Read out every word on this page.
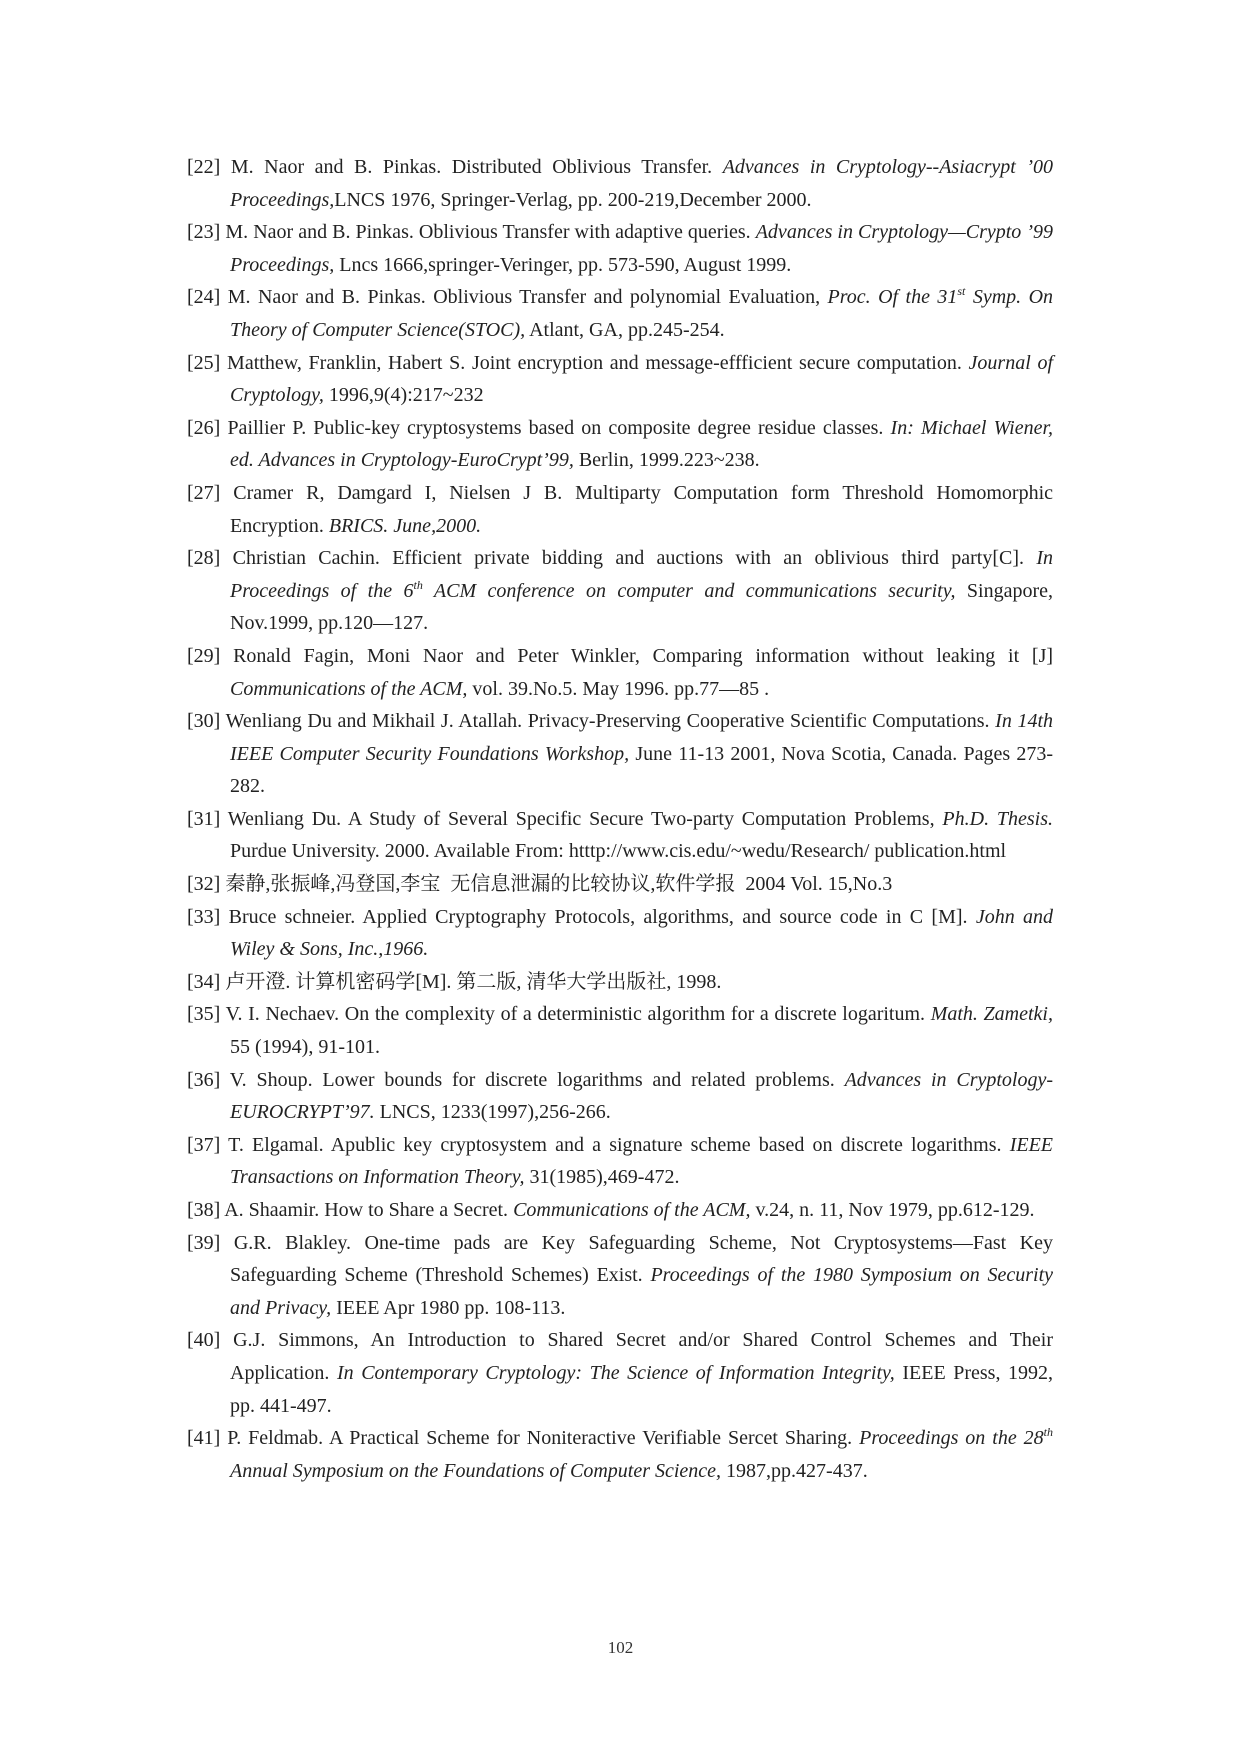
[22] M. Naor and B. Pinkas. Distributed Oblivious Transfer. Advances in Cryptology--Asiacrypt ’00 Proceedings,LNCS 1976, Springer-Verlag, pp. 200-219,December 2000.

[23] M. Naor and B. Pinkas. Oblivious Transfer with adaptive queries. Advances in Cryptology—Crypto ’99 Proceedings, Lncs 1666,springer-Veringer, pp. 573-590, August 1999.

[24] M. Naor and B. Pinkas. Oblivious Transfer and polynomial Evaluation, Proc. Of the 31st Symp. On Theory of Computer Science(STOC), Atlant, GA, pp.245-254.

[25] Matthew, Franklin, Habert S. Joint encryption and message-effficient secure computation. Journal of Cryptology, 1996,9(4):217~232

[26] Paillier P. Public-key cryptosystems based on composite degree residue classes. In: Michael Wiener, ed. Advances in Cryptology-EuroCrypt’99, Berlin, 1999.223~238.

[27] Cramer R, Damgard I, Nielsen J B. Multiparty Computation form Threshold Homomorphic Encryption. BRICS. June,2000.

[28] Christian Cachin. Efficient private bidding and auctions with an oblivious third party[C]. In Proceedings of the 6th ACM conference on computer and communications security, Singapore, Nov.1999, pp.120—127.

[29] Ronald Fagin, Moni Naor and Peter Winkler, Comparing information without leaking it [J] Communications of the ACM, vol. 39.No.5. May 1996. pp.77—85 .

[30] Wenliang Du and Mikhail J. Atallah. Privacy-Preserving Cooperative Scientific Computations. In 14th IEEE Computer Security Foundations Workshop, June 11-13 2001, Nova Scotia, Canada. Pages 273-282.

[31] Wenliang Du. A Study of Several Specific Secure Two-party Computation Problems, Ph.D. Thesis. Purdue University. 2000. Available From: htttp://www.cis.edu/~wedu/Research/ publication.html

[32] 秦静,张振峰,冯登国,李宝  无信息泄漏的比较协议,软件学报  2004 Vol. 15,No.3

[33] Bruce schneier. Applied Cryptography Protocols, algorithms, and source code in C [M]. John and Wiley & Sons, Inc.,1966.

[34] 卢开澄. 计算机密码学[M]. 第二版, 清华大学出版社, 1998.

[35] V. I. Nechaev. On the complexity of a deterministic algorithm for a discrete logaritum. Math. Zametki, 55 (1994), 91-101.

[36] V. Shoup. Lower bounds for discrete logarithms and related problems. Advances in Cryptology-EUROCRYPT’97. LNCS, 1233(1997),256-266.

[37] T. Elgamal. Apublic key cryptosystem and a signature scheme based on discrete logarithms. IEEE Transactions on Information Theory, 31(1985),469-472.

[38] A. Shaamir. How to Share a Secret. Communications of the ACM, v.24, n. 11, Nov 1979, pp.612-129.

[39] G.R. Blakley. One-time pads are Key Safeguarding Scheme, Not Cryptosystems—Fast Key Safeguarding Scheme (Threshold Schemes) Exist. Proceedings of the 1980 Symposium on Security and Privacy, IEEE Apr 1980 pp. 108-113.

[40] G.J. Simmons, An Introduction to Shared Secret and/or Shared Control Schemes and Their Application. In Contemporary Cryptology: The Science of Information Integrity, IEEE Press, 1992, pp. 441-497.

[41] P. Feldmab. A Practical Scheme for Noniteractive Verifiable Sercet Sharing. Proceedings on the 28th Annual Symposium on the Foundations of Computer Science, 1987,pp.427-437.

102
